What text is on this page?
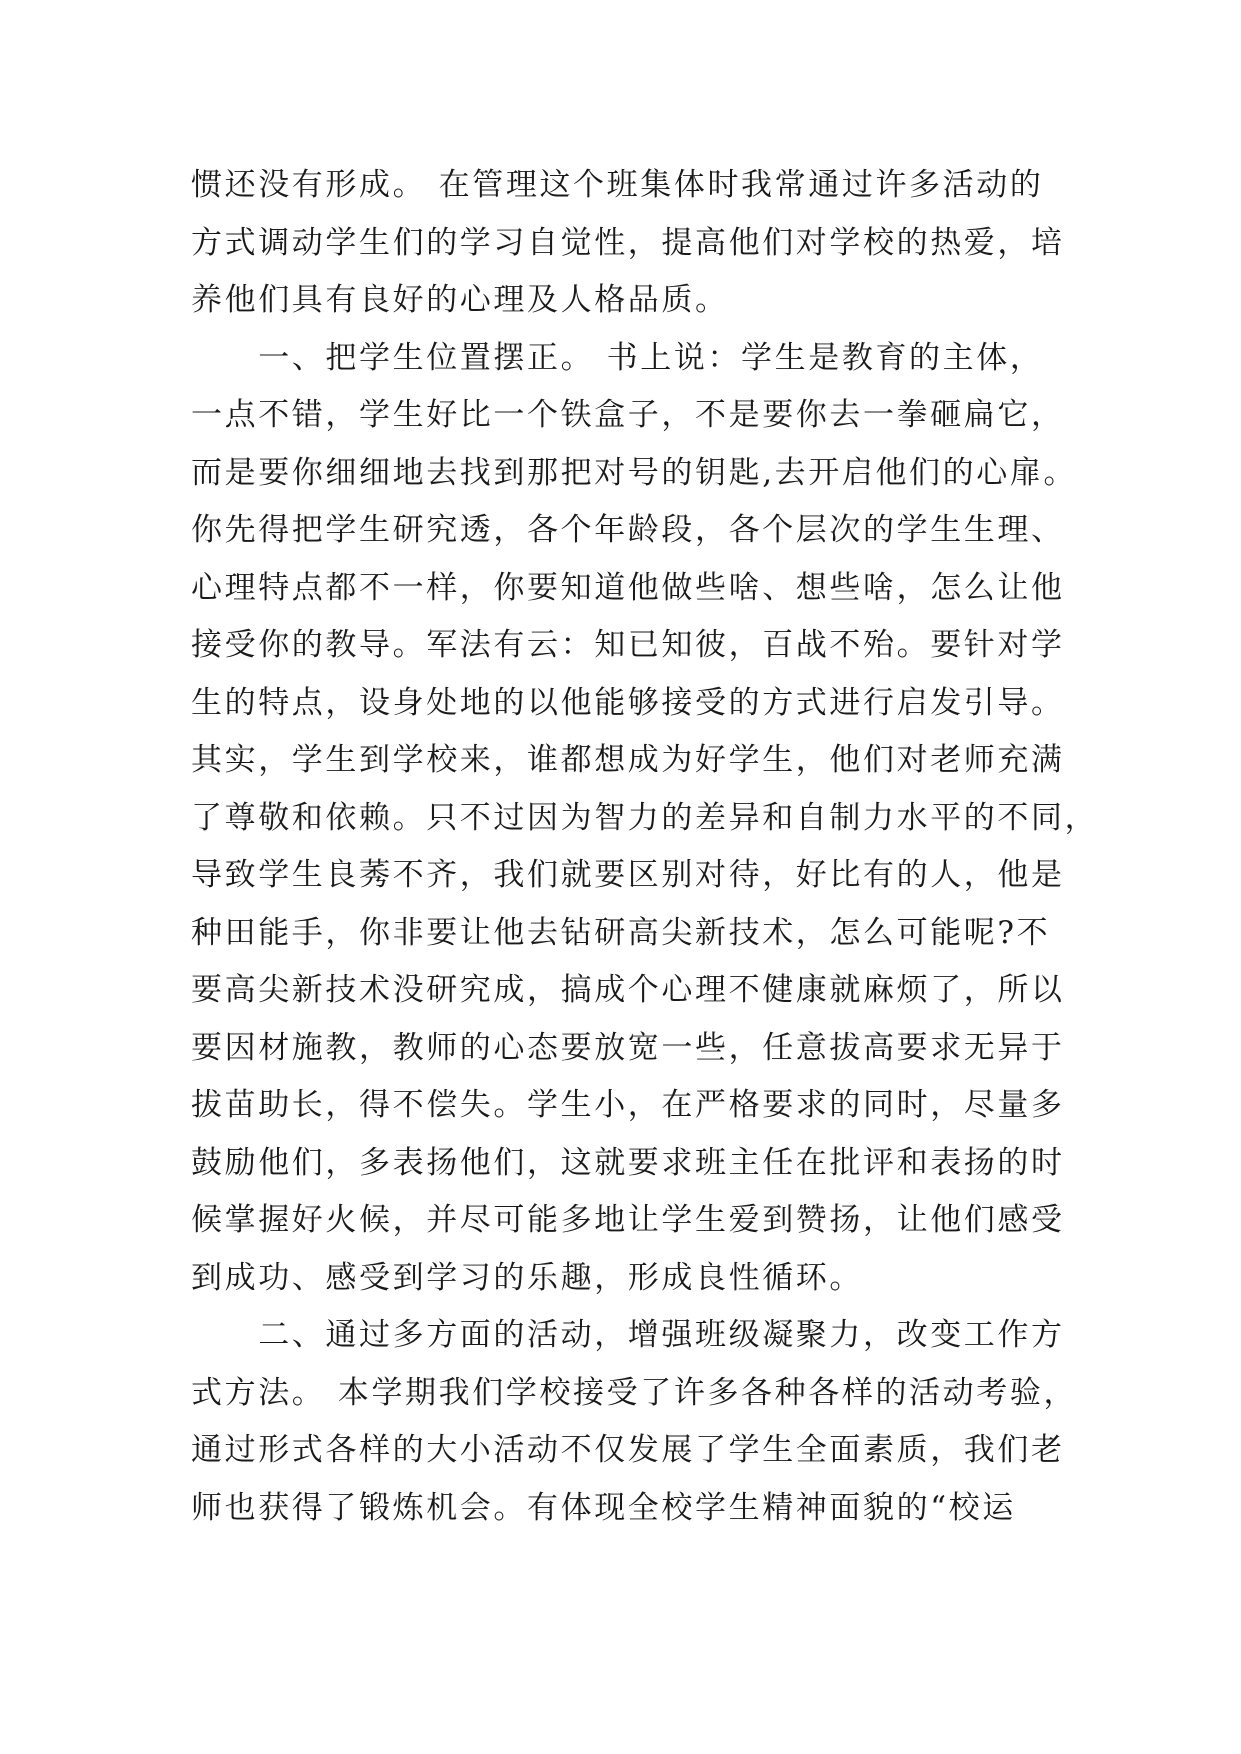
惯还没有形成。 在管理这个班集体时我常通过许多活动的
方式调动学生们的学习自觉性，提高他们对学校的热爱，培
养他们具有良好的心理及人格品质。
　　一、把学生位置摆正。 书上说：学生是教育的主体，
一点不错，学生好比一个铁盒子，不是要你去一拳砸扁它，
而是要你细细地去找到那把对号的钥匙,去开启他们的心扉。
你先得把学生研究透，各个年龄段，各个层次的学生生理、
心理特点都不一样，你要知道他做些啥、想些啥，怎么让他
接受你的教导。军法有云：知已知彼，百战不殆。要针对学
生的特点，设身处地的以他能够接受的方式进行启发引导。
其实，学生到学校来，谁都想成为好学生，他们对老师充满
了尊敬和依赖。只不过因为智力的差异和自制力水平的不同，
导致学生良莠不齐，我们就要区别对待，好比有的人，他是
种田能手，你非要让他去钻研高尖新技术，怎么可能呢?不
要高尖新技术没研究成，搞成个心理不健康就麻烦了，所以
要因材施教，教师的心态要放宽一些，任意拔高要求无异于
拔苗助长，得不偿失。学生小，在严格要求的同时，尽量多
鼓励他们，多表扬他们，这就要求班主任在批评和表扬的时
候掌握好火候，并尽可能多地让学生爱到赞扬，让他们感受
到成功、感受到学习的乐趣，形成良性循环。
　　二、通过多方面的活动，增强班级凝聚力，改变工作方
式方法。 本学期我们学校接受了许多各种各样的活动考验，
通过形式各样的大小活动不仅发展了学生全面素质，我们老
师也获得了锻炼机会。有体现全校学生精神面貌的“校运
